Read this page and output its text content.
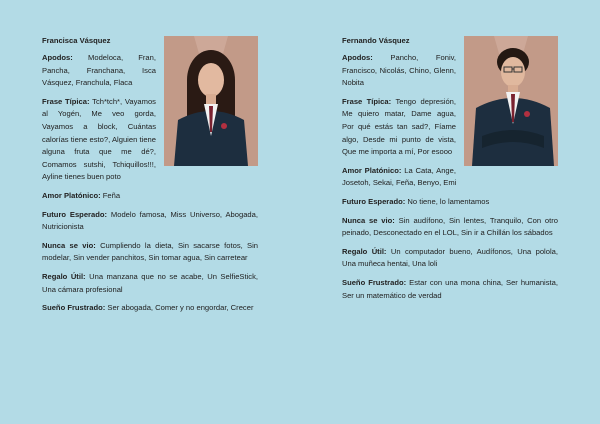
Francisca Vásquez

Apodos: Modeloca, Fran, Pancha, Franchana, Isca Vásquez, Franchula, Flaca

Frase Típica: Tch*tch*, Vayamos al Yogén, Me veo gorda, Vayamos a block, Cuántas calorías tiene esto?, Alguien tiene alguna fruta que me dé?, Comamos sutshi, Tchiquillos!!!, Ayline tienes buen poto

Amor Platónico: Feña

Futuro Esperado: Modelo famosa, Miss Universo, Abogada, Nutricionista

Nunca se vio: Cumpliendo la dieta, Sin sacarse fotos, Sin modelar, Sin vender panchitos, Sin tomar agua, Sin carretear

Regalo Útil: Una manzana que no se acabe, Un SelfieStick, Una cámara profesional

Sueño Frustrado: Ser abogada, Comer y no engordar, Crecer

Fernando Vásquez

Apodos: Pancho, Foniv, Francisco, Nicolás, Chino, Glenn, Nobita

Frase Típica: Tengo depresión, Me quiero matar, Dame agua, Por qué estás tan sad?, Fíame algo, Desde mi punto de vista, Que me importa a mí, Por esooo

Amor Platónico: La Cata, Ange, Josetoh, Sekai, Feña, Benyo, Emi

Futuro Esperado: No tiene, lo lamentamos

Nunca se vio: Sin audífono, Sin lentes, Tranquilo, Con otro peinado, Desconectado en el LOL, Sin ir a Chillán los sábados

Regalo Útil: Un computador bueno, Audífonos, Una polola, Una muñeca hentai, Una loli

Sueño Frustrado: Estar con una mona china, Ser humanista, Ser un matemático de verdad
